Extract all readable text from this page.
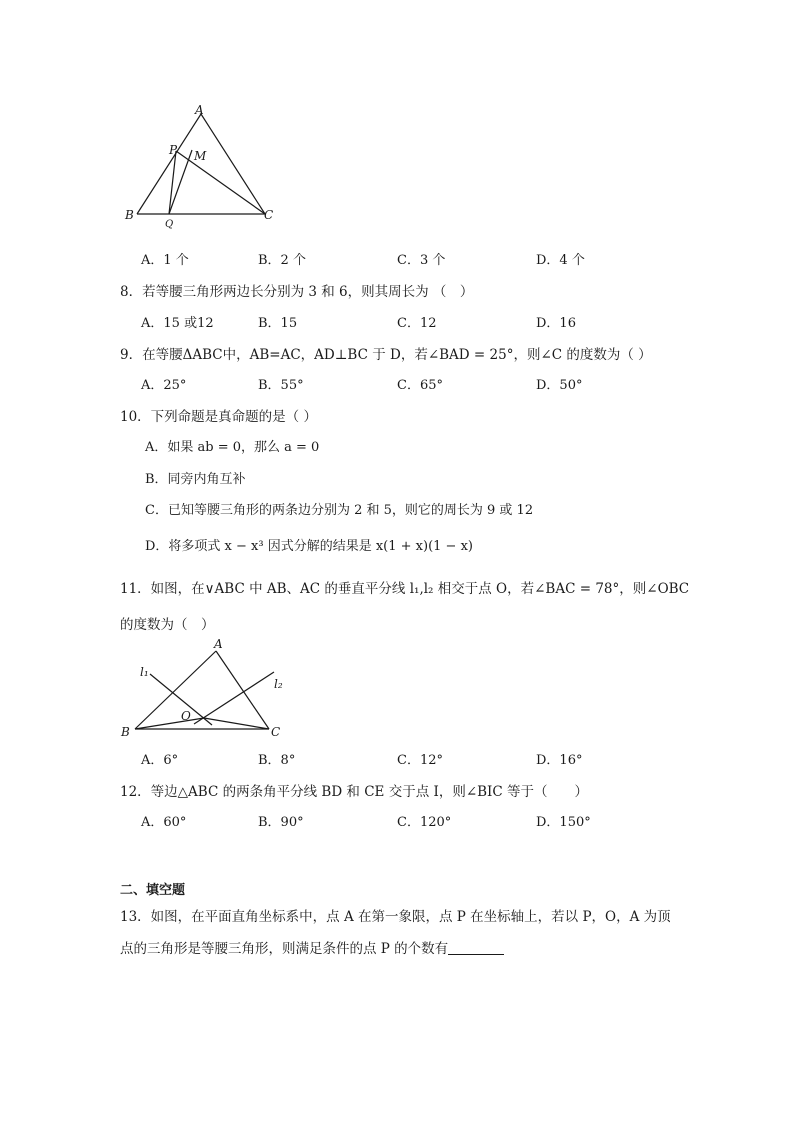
A
P M
B
Q
C
A．1 个	B．2 个	C．3 个	D．4 个
8．若等腰三角形两边长分别为 3 和 6，则其周长为 （　）
A．15 或12	B．15	C．12	D．16
9．在等腰ΔABC中，AB=AC，AD⊥BC 于 D，若∠BAD = 25°，则∠C 的度数为（ ）
A．25°	B．55°	C．65°	D．50°
10．下列命题是真命题的是（ ）
A．如果 ab = 0，那么 a = 0
B．同旁内角互补
C．已知等腰三角形的两条边分别为 2 和 5，则它的周长为 9 或 12
D．将多项式 x − x³ 因式分解的结果是 x(1 + x)(1 − x)
11．如图，在∨ABC 中 AB、AC 的垂直平分线 l₁,l₂ 相交于点 O，若∠BAC = 78°，则∠OBC
的度数为（　）
A
B	C
O
l₁
l₂
A．6°	B．8°	C．12°	D．16°
12．等边△ABC 的两条角平分线 BD 和 CE 交于点 I，则∠BIC 等于（　　）
A．60°	B．90°	C．120°	D．150°
二、填空题
13．如图，在平面直角坐标系中，点 A 在第一象限，点 P 在坐标轴上，若以 P，O，A 为顶
点的三角形是等腰三角形，则满足条件的点 P 的个数有
